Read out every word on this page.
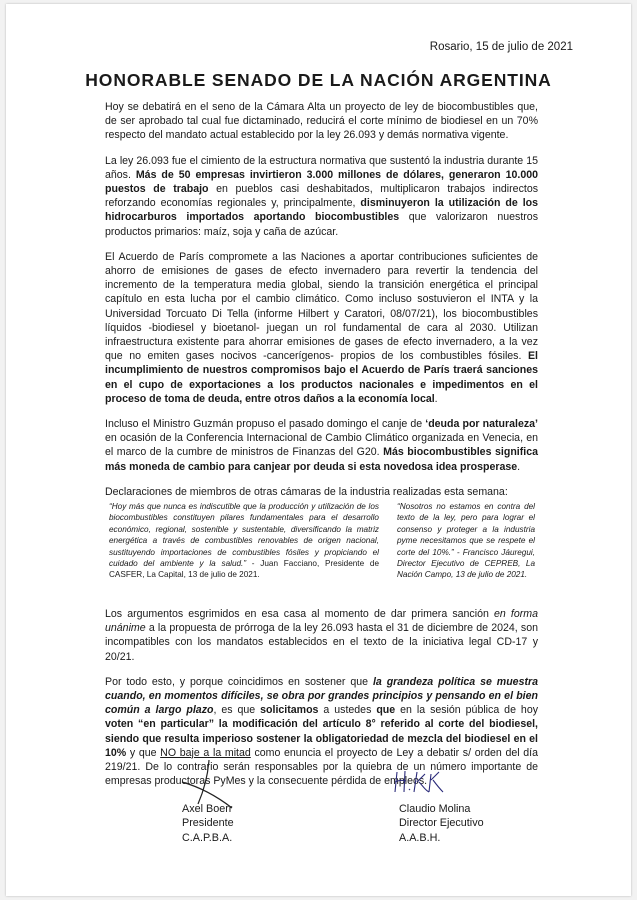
Rosario, 15 de julio de 2021
HONORABLE SENADO DE LA NACIÓN ARGENTINA

Hoy se debatirá en el seno de la Cámara Alta un proyecto de ley de biocombustibles que, de ser aprobado tal cual fue dictaminado, reducirá el corte mínimo de biodiesel en un 70% respecto del mandato actual establecido por la ley 26.093 y demás normativa vigente.

La ley 26.093 fue el cimiento de la estructura normativa que sustentó la industria durante 15 años. Más de 50 empresas invirtieron 3.000 millones de dólares, generaron 10.000 puestos de trabajo en pueblos casi deshabitados, multiplicaron trabajos indirectos reforzando economías regionales y, principalmente, disminuyeron la utilización de los hidrocarburos importados aportando biocombustibles que valorizaron nuestros productos primarios: maíz, soja y caña de azúcar.

El Acuerdo de París compromete a las Naciones a aportar contribuciones suficientes de ahorro de emisiones de gases de efecto invernadero para revertir la tendencia del incremento de la temperatura media global, siendo la transición energética el principal capítulo en esta lucha por el cambio climático. Como incluso sostuvieron el INTA y la Universidad Torcuato Di Tella (informe Hilbert y Caratori, 08/07/21), los biocombustibles líquidos -biodiesel y bioetanol- juegan un rol fundamental de cara al 2030. Utilizan infraestructura existente para ahorrar emisiones de gases de efecto invernadero, a la vez que no emiten gases nocivos -cancerígenos- propios de los combustibles fósiles. El incumplimiento de nuestros compromisos bajo el Acuerdo de París traerá sanciones en el cupo de exportaciones a los productos nacionales e impedimentos en el proceso de toma de deuda, entre otros daños a la economía local.

Incluso el Ministro Guzmán propuso el pasado domingo el canje de ‘deuda por naturaleza’ en ocasión de la Conferencia Internacional de Cambio Climático organizada en Venecia, en el marco de la cumbre de ministros de Finanzas del G20. Más biocombustibles significa más moneda de cambio para canjear por deuda si esta novedosa idea prosperase.

Declaraciones de miembros de otras cámaras de la industria realizadas esta semana:

“Hoy más que nunca es indiscutible que la producción y utilización de los biocombustibles constituyen pilares fundamentales para el desarrollo económico, regional, sostenible y sustentable, diversificando la matriz energética a través de combustibles renovables de origen nacional, sustituyendo importaciones de combustibles fósiles y propiciando el cuidado del ambiente y la salud.” - Juan Facciano, Presidente de CASFER, La Capital, 13 de julio de 2021.
“Nosotros no estamos en contra del texto de la ley, pero para lograr el consenso y proteger a la industria pyme necesitamos que se respete el corte del 10%.” - Francisco Jáuregui, Director Ejecutivo de CEPREB, La Nación Campo, 13 de julio de 2021.

Los argumentos esgrimidos en esa casa al momento de dar primera sanción en forma unánime a la propuesta de prórroga de la ley 26.093 hasta el 31 de diciembre de 2024, son incompatibles con los mandatos establecidos en el texto de la iniciativa legal CD-17 y 20/21.

Por todo esto, y porque coincidimos en sostener que la grandeza política se muestra cuando, en momentos difíciles, se obra por grandes principios y pensando en el bien común a largo plazo, es que solicitamos a ustedes que en la sesión pública de hoy voten “en particular” la modificación del artículo 8° referido al corte del biodiesel, siendo que resulta imperioso sostener la obligatoriedad de mezcla del biodiesel en el 10% y que NO baje a la mitad como enuncia el proyecto de Ley a debatir s/ orden del día 219/21. De lo contrario serán responsables por la quiebra de un número importante de empresas productoras PyMes y la consecuente pérdida de empleos.

Axel Boerr
Presidente
C.A.P.B.A.
Claudio Molina
Director Ejecutivo
A.A.B.H.
